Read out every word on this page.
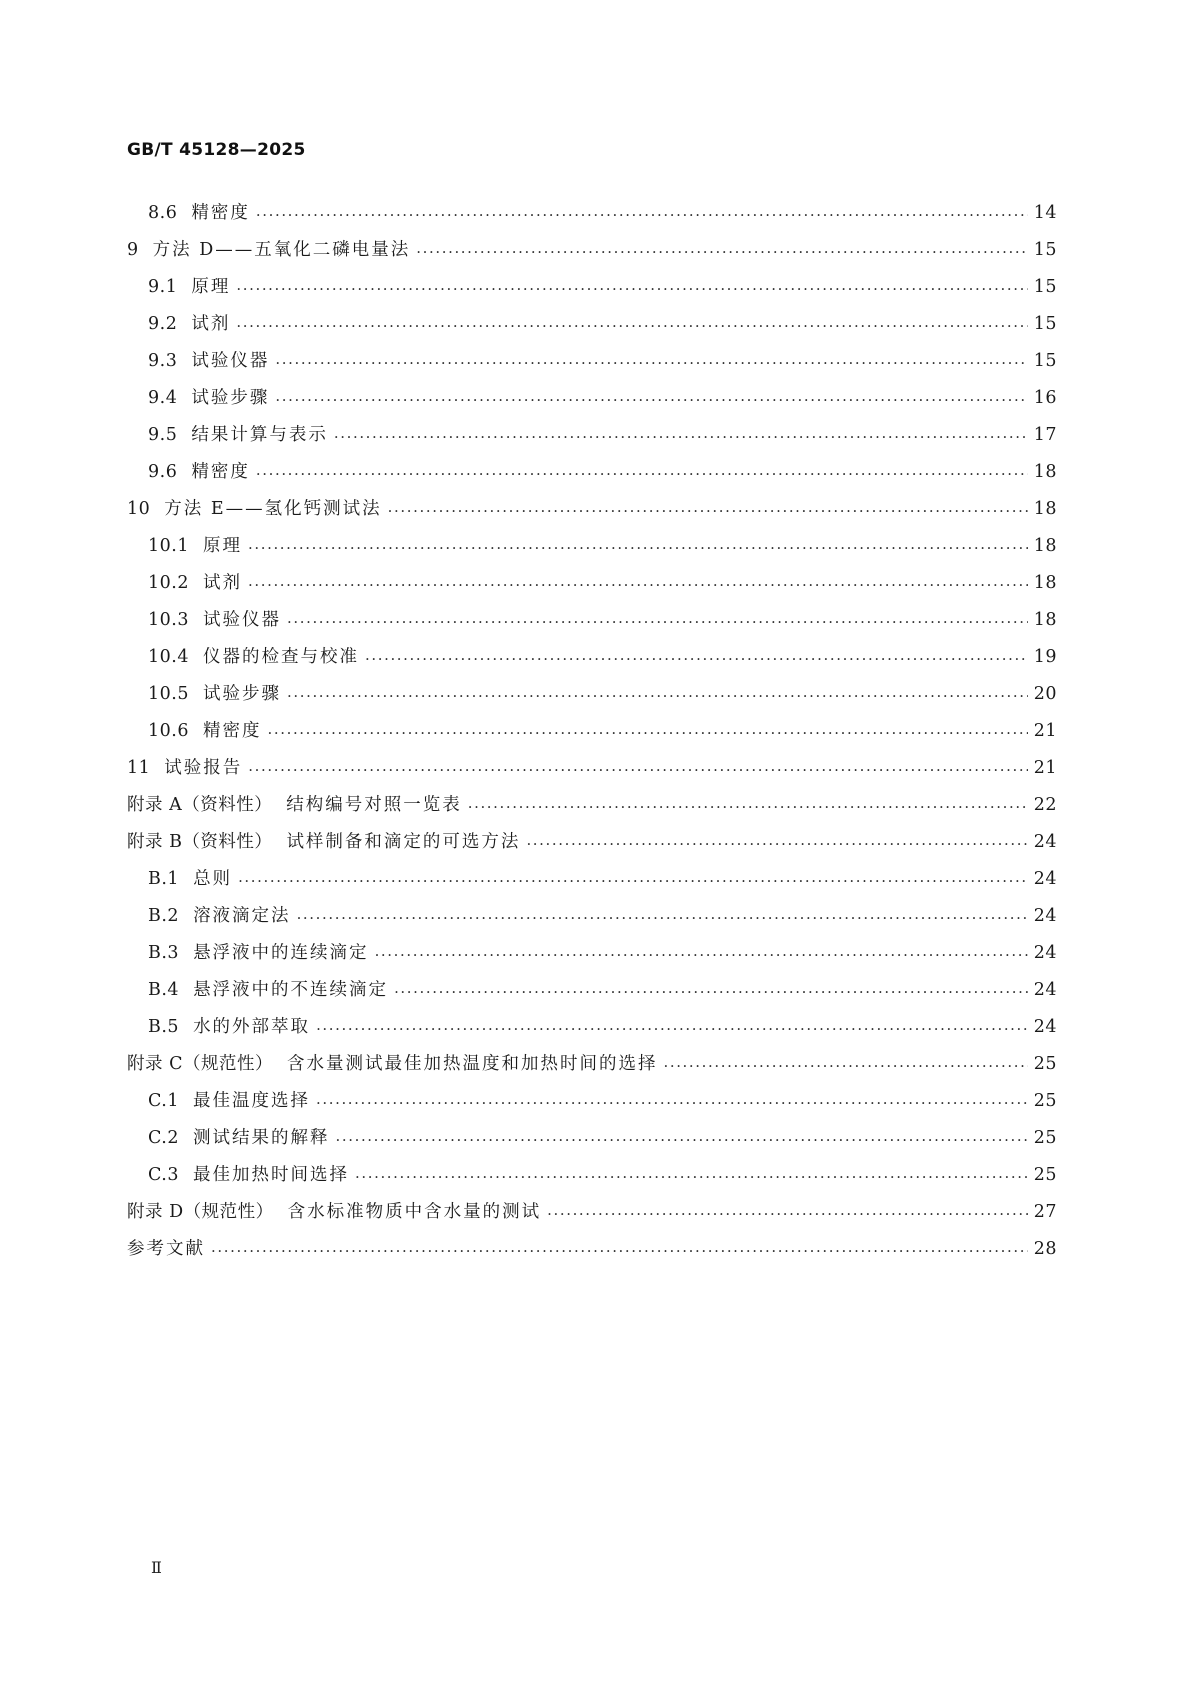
GB/T 45128—2025
8.6 精密度 ·····	14
9 方法 D——五氧化二磷电量法 ·····	15
9.1 原理 ·····	15
9.2 试剂 ·····	15
9.3 试验仪器 ·····	15
9.4 试验步骤 ·····	16
9.5 结果计算与表示 ·····	17
9.6 精密度 ·····	18
10 方法 E——氢化钙测试法 ·····	18
10.1 原理 ·····	18
10.2 试剂 ·····	18
10.3 试验仪器 ·····	18
10.4 仪器的检查与校准 ·····	19
10.5 试验步骤 ·····	20
10.6 精密度 ·····	21
11 试验报告 ·····	21
附录 A（资料性） 结构编号对照一览表 ·····	22
附录 B（资料性） 试样制备和滴定的可选方法 ·····	24
B.1 总则 ·····	24
B.2 溶液滴定法 ·····	24
B.3 悬浮液中的连续滴定 ·····	24
B.4 悬浮液中的不连续滴定 ·····	24
B.5 水的外部萃取 ·····	24
附录 C（规范性） 含水量测试最佳加热温度和加热时间的选择 ·····	25
C.1 最佳温度选择 ·····	25
C.2 测试结果的解释 ·····	25
C.3 最佳加热时间选择 ·····	25
附录 D（规范性） 含水标准物质中含水量的测试 ·····	27
参考文献 ·····	28
Ⅱ
